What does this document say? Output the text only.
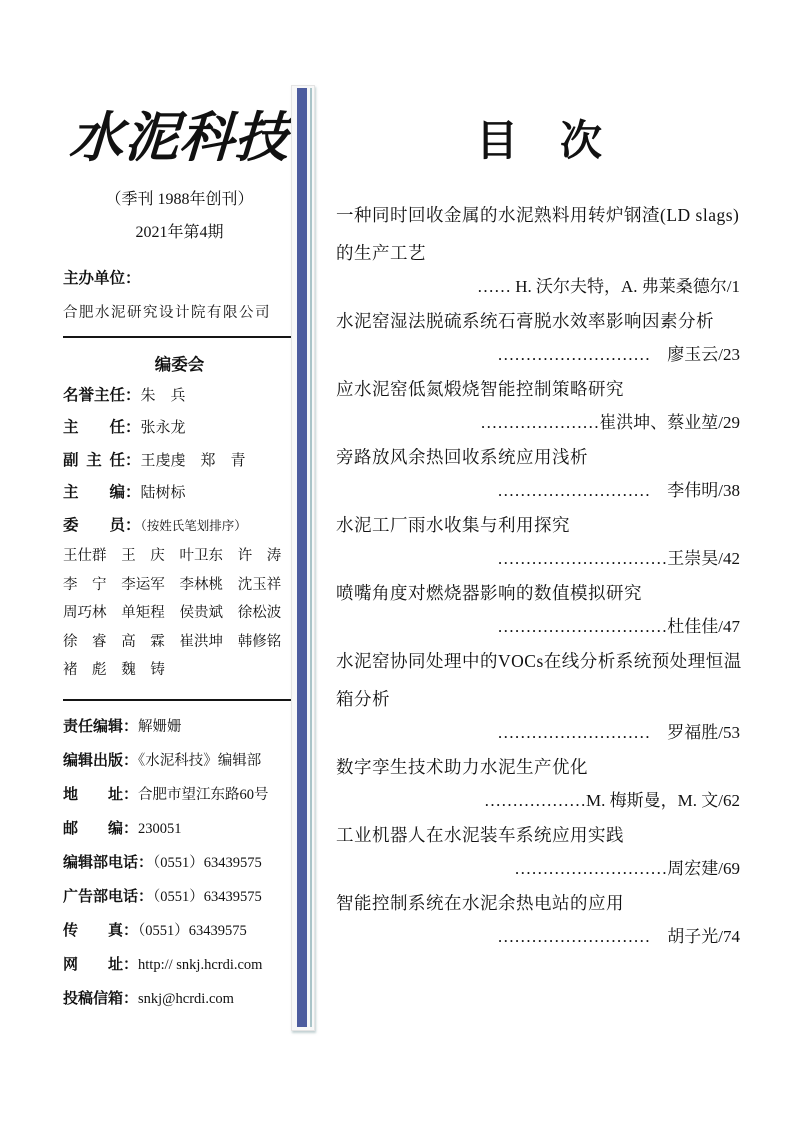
水泥科技
（季刊 1988年创刊）
2021年第4期
主办单位：
合肥水泥研究设计院有限公司
编委会
名誉主任：朱　兵
主　　任：张永龙
副 主 任：王虔虔　郑　青
主　　编：陆树标
委　　员：（按姓氏笔划排序）
王仕群	王　庆	叶卫东	许　涛
李　宁	李运军	李林桃	沈玉祥
周巧林	单矩程	侯贵斌	徐松波
徐　睿	高　霖	崔洪坤	韩修铭
褚　彪	魏　铸
责任编辑：解姗姗
编辑出版：《水泥科技》编辑部
地　　址：合肥市望江东路60号
邮　　编：230051
编辑部电话：（0551）63439575
广告部电话：（0551）63439575
传　　真：（0551）63439575
网　　址：http:// snkj.hcrdi.com
投稿信箱：snkj@hcrdi.com
目　次
一种同时回收金属的水泥熟料用转炉钢渣(LD slags)的生产工艺
…… H. 沃尔夫特，A. 弗莱桑德尔/1
水泥窑湿法脱硫系统石膏脱水效率影响因素分析
………………………　廖玉云/23
应水泥窑低氮煅烧智能控制策略研究
…………………崔洪坤、蔡业堃/29
旁路放风余热回收系统应用浅析
………………………　李伟明/38
水泥工厂雨水收集与利用探究
…………………………王崇昊/42
喷嘴角度对燃烧器影响的数值模拟研究
…………………………杜佳佳/47
水泥窑协同处理中的VOCs在线分析系统预处理恒温箱分析
………………………　罗福胜/53
数字孪生技术助力水泥生产优化
………………M. 梅斯曼，M. 文/62
工业机器人在水泥装车系统应用实践
………………………周宏建/69
智能控制系统在水泥余热电站的应用
………………………　胡子光/74
